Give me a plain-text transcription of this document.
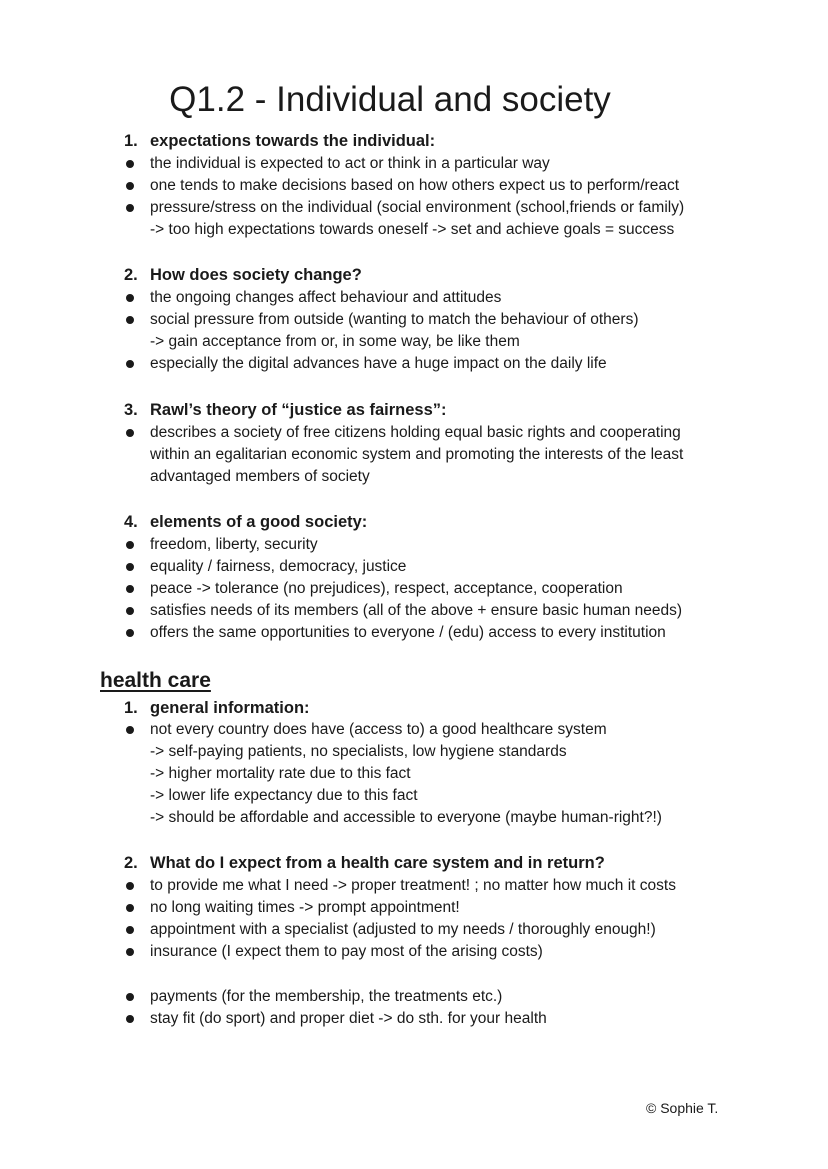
Q1.2 - Individual and society
1. expectations towards the individual:
the individual is expected to act or think in a particular way
one tends to make decisions based on how others expect us to perform/react
pressure/stress on the individual (social environment (school,friends or family)
-> too high expectations towards oneself -> set and achieve goals = success
2. How does society change?
the ongoing changes affect behaviour and attitudes
social pressure from outside (wanting to match the behaviour of others)
-> gain acceptance from or, in some way, be like them
especially the digital advances have a huge impact on the daily life
3. Rawl’s theory of “justice as fairness”:
describes a society of free citizens holding equal basic rights and cooperating
within an egalitarian economic system and promoting the interests of the least
advantaged members of society
4. elements of a good society:
freedom, liberty, security
equality / fairness, democracy, justice
peace -> tolerance (no prejudices), respect, acceptance, cooperation
satisfies needs of its members (all of the above + ensure basic human needs)
offers the same opportunities to everyone / (edu) access to every institution
health care
1. general information:
not every country does have (access to) a good healthcare system
-> self-paying patients, no specialists, low hygiene standards
-> higher mortality rate due to this fact
-> lower life expectancy due to this fact
-> should be affordable and accessible to everyone (maybe human-right?!)
2. What do I expect from a health care system and in return?
to provide me what I need -> proper treatment! ; no matter how much it costs
no long waiting times -> prompt appointment!
appointment with a specialist (adjusted to my needs / thoroughly enough!)
insurance (I expect them to pay most of the arising costs)
payments (for the membership, the treatments etc.)
stay fit (do sport) and proper diet -> do sth. for your health
© Sophie T.
